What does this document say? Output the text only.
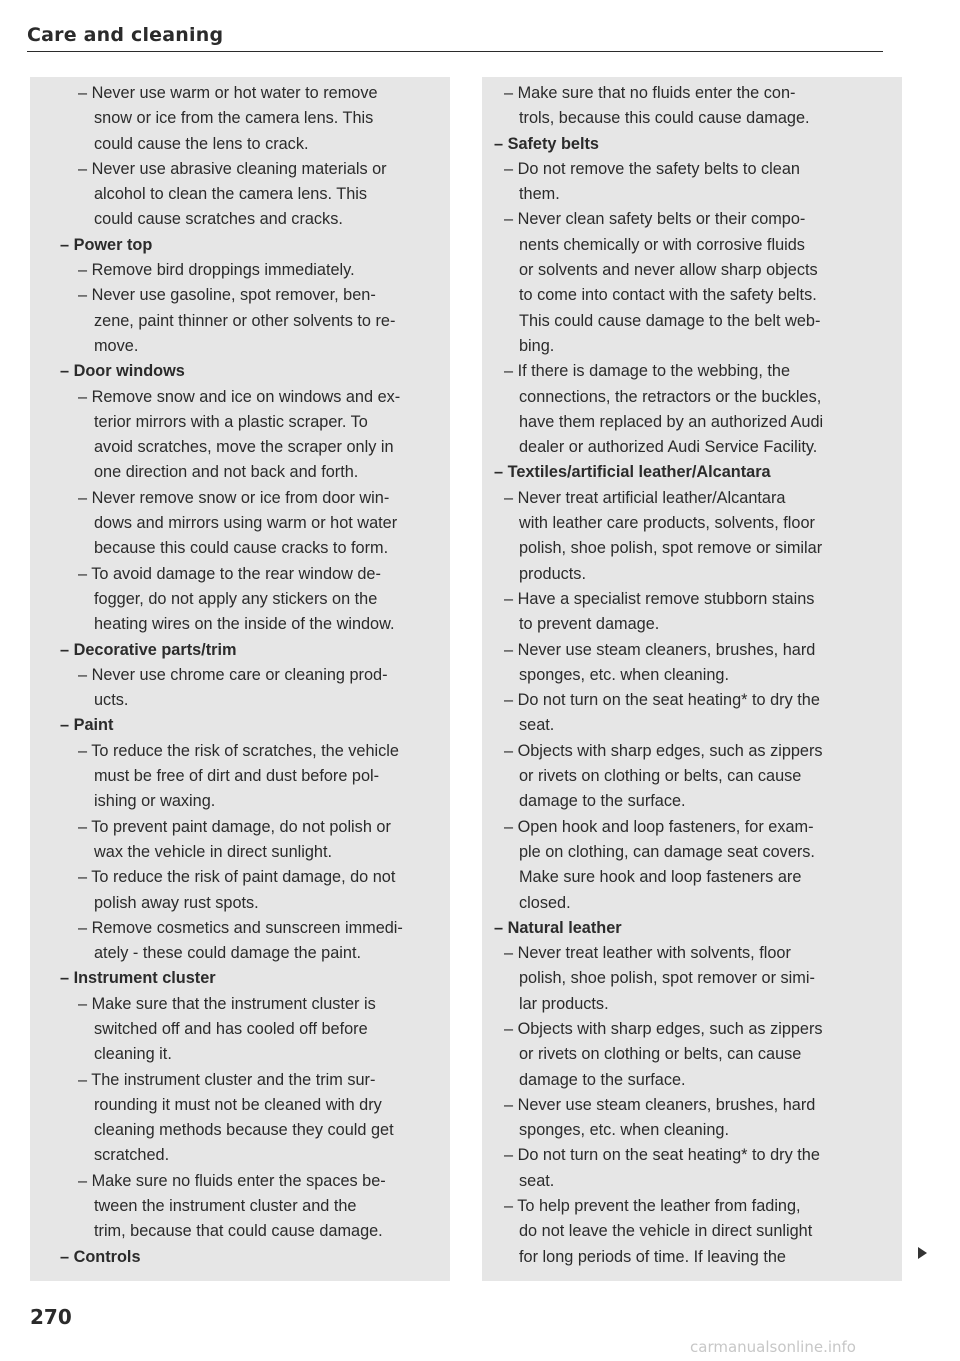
Care and cleaning
– Never use warm or hot water to remove
snow or ice from the camera lens. This
could cause the lens to crack.
– Never use abrasive cleaning materials or
alcohol to clean the camera lens. This
could cause scratches and cracks.
– Power top
– Remove bird droppings immediately.
– Never use gasoline, spot remover, ben-
zene, paint thinner or other solvents to re-
move.
– Door windows
– Remove snow and ice on windows and ex-
terior mirrors with a plastic scraper. To
avoid scratches, move the scraper only in
one direction and not back and forth.
– Never remove snow or ice from door win-
dows and mirrors using warm or hot water
because this could cause cracks to form.
– To avoid damage to the rear window de-
fogger, do not apply any stickers on the
heating wires on the inside of the window.
– Decorative parts/trim
– Never use chrome care or cleaning prod-
ucts.
– Paint
– To reduce the risk of scratches, the vehicle
must be free of dirt and dust before pol-
ishing or waxing.
– To prevent paint damage, do not polish or
wax the vehicle in direct sunlight.
– To reduce the risk of paint damage, do not
polish away rust spots.
– Remove cosmetics and sunscreen immedi-
ately - these could damage the paint.
– Instrument cluster
– Make sure that the instrument cluster is
switched off and has cooled off before
cleaning it.
– The instrument cluster and the trim sur-
rounding it must not be cleaned with dry
cleaning methods because they could get
scratched.
– Make sure no fluids enter the spaces be-
tween the instrument cluster and the
trim, because that could cause damage.
– Controls
– Make sure that no fluids enter the con-
trols, because this could cause damage.
– Safety belts
– Do not remove the safety belts to clean
them.
– Never clean safety belts or their compo-
nents chemically or with corrosive fluids
or solvents and never allow sharp objects
to come into contact with the safety belts.
This could cause damage to the belt web-
bing.
– If there is damage to the webbing, the
connections, the retractors or the buckles,
have them replaced by an authorized Audi
dealer or authorized Audi Service Facility.
– Textiles/artificial leather/Alcantara
– Never treat artificial leather/Alcantara
with leather care products, solvents, floor
polish, shoe polish, spot remove or similar
products.
– Have a specialist remove stubborn stains
to prevent damage.
– Never use steam cleaners, brushes, hard
sponges, etc. when cleaning.
– Do not turn on the seat heating* to dry the
seat.
– Objects with sharp edges, such as zippers
or rivets on clothing or belts, can cause
damage to the surface.
– Open hook and loop fasteners, for exam-
ple on clothing, can damage seat covers.
Make sure hook and loop fasteners are
closed.
– Natural leather
– Never treat leather with solvents, floor
polish, shoe polish, spot remover or simi-
lar products.
– Objects with sharp edges, such as zippers
or rivets on clothing or belts, can cause
damage to the surface.
– Never use steam cleaners, brushes, hard
sponges, etc. when cleaning.
– Do not turn on the seat heating* to dry the
seat.
– To help prevent the leather from fading,
do not leave the vehicle in direct sunlight
for long periods of time. If leaving the
270
carmanualsonline.info
